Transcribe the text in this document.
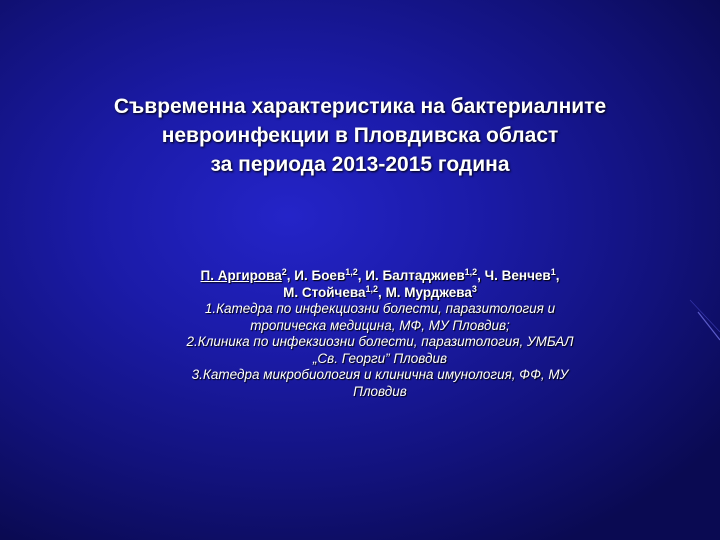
Съвременна характеристика на бактериалните
невроинфекции в Пловдивска област
за периода 2013-2015 година
П. Аргирова$^2$, И. Боев$^{1,2}$, И. Балтаджиев$^{1,2}$, Ч. Венчев$^1$,
М. Стойчева$^{1,2}$, М. Мурджева$^3$
1.Катедра по инфекциозни болести, паразитология и
тропическа медицина, МФ, МУ Пловдив;
2.Клиника по инфекзиозни болести, паразитология, УМБАЛ
„Св. Георги” Пловдив
3.Катедра микробиология и клинична имунология, ФФ, МУ
Пловдив
